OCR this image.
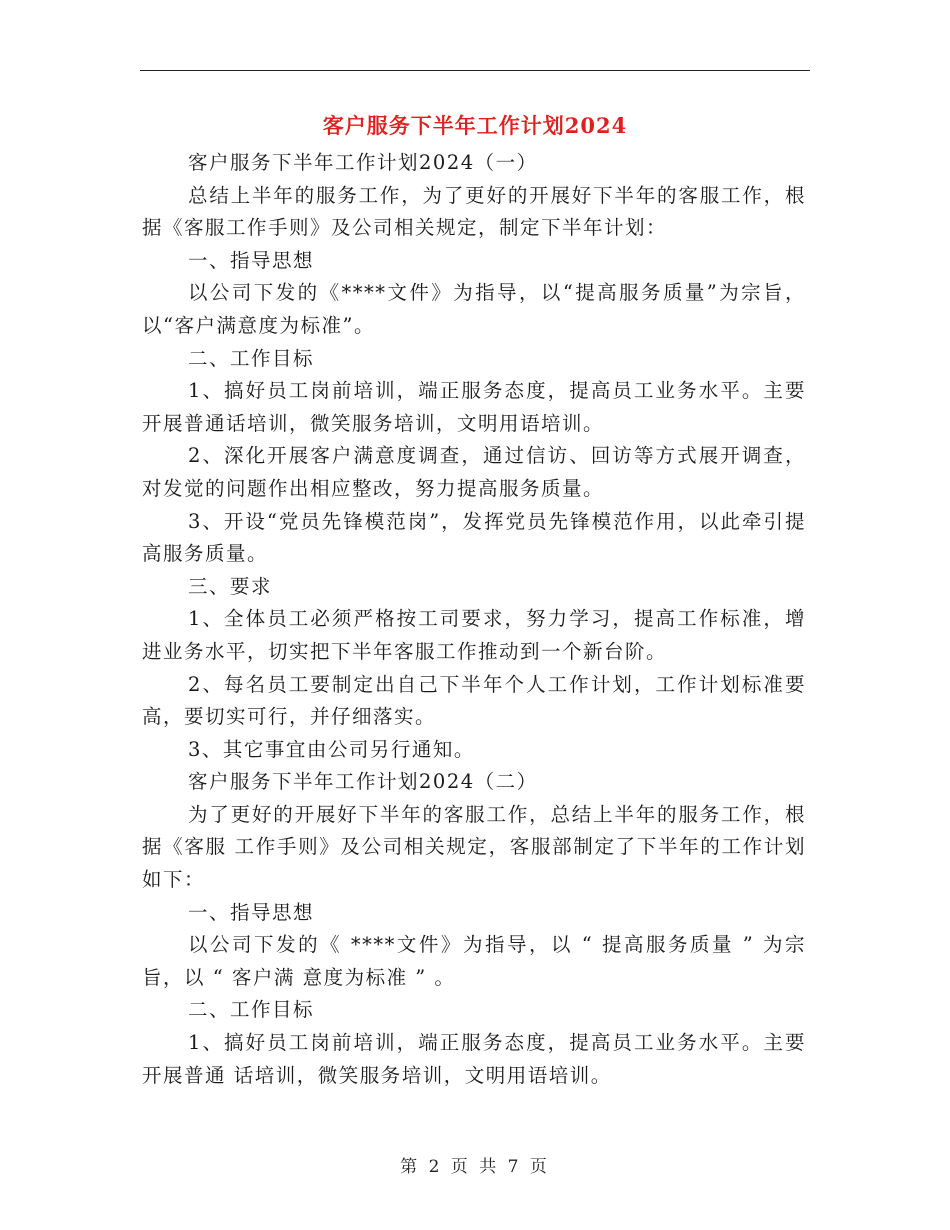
客户服务下半年工作计划2024

客户服务下半年工作计划2024（一）

总结上半年的服务工作，为了更好的开展好下半年的客服工作，根据《客服工作手则》及公司相关规定，制定下半年计划：

一、指导思想

以公司下发的《****文件》为指导，以“提高服务质量”为宗旨，以“客户满意度为标准”。

二、工作目标

1、搞好员工岗前培训，端正服务态度，提高员工业务水平。主要开展普通话培训，微笑服务培训，文明用语培训。

2、深化开展客户满意度调查，通过信访、回访等方式展开调查，对发觉的问题作出相应整改，努力提高服务质量。

3、开设“党员先锋模范岗”，发挥党员先锋模范作用，以此牵引提高服务质量。

三、要求

1、全体员工必须严格按工司要求，努力学习，提高工作标准，增进业务水平，切实把下半年客服工作推动到一个新台阶。

2、每名员工要制定出自己下半年个人工作计划，工作计划标准要高，要切实可行，并仔细落实。

3、其它事宜由公司另行通知。

客户服务下半年工作计划2024（二）

为了更好的开展好下半年的客服工作，总结上半年的服务工作，根据《客服 工作手则》及公司相关规定，客服部制定了下半年的工作计划如下：

一、指导思想

以公司下发的《 ****文件》为指导，以 “ 提高服务质量 ” 为宗旨，以 “ 客户满 意度为标准 ” 。

二、工作目标

1、搞好员工岗前培训，端正服务态度，提高员工业务水平。主要开展普通 话培训，微笑服务培训，文明用语培训。

第 2 页 共 7 页
